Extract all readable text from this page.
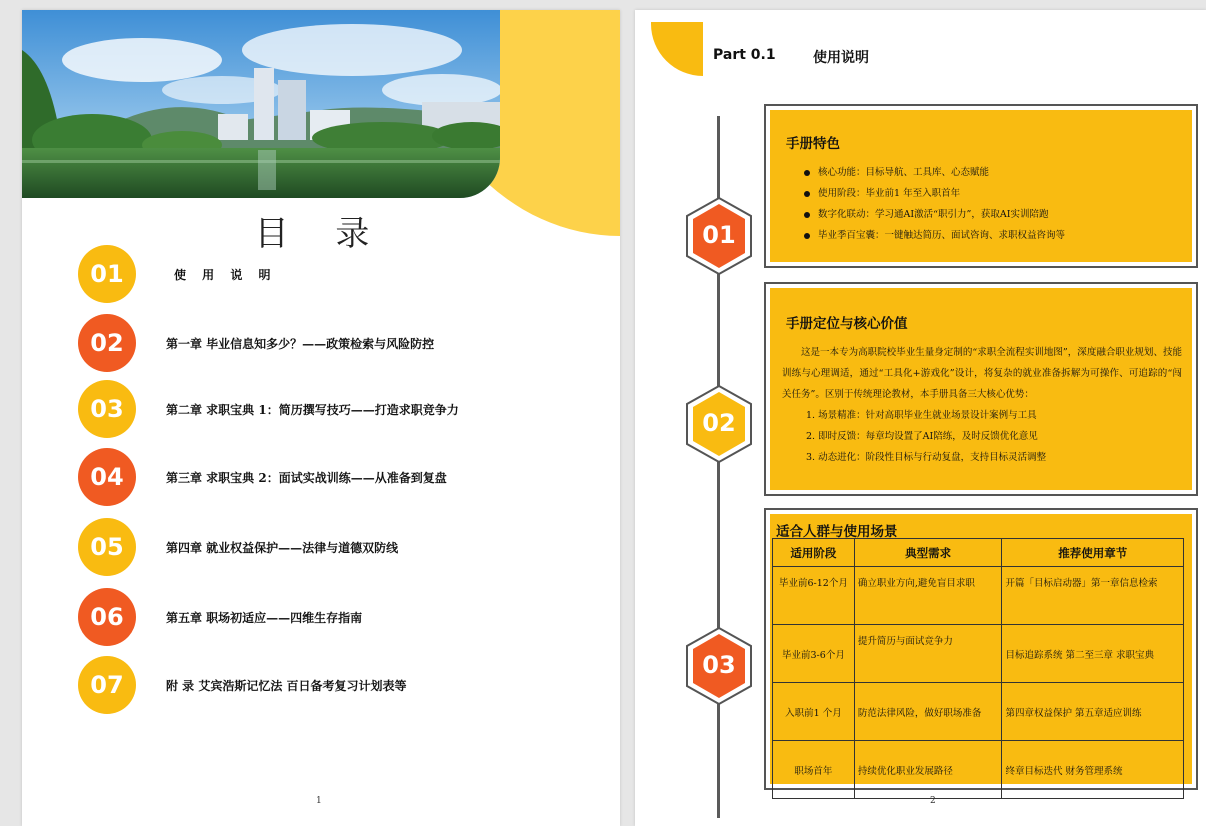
目 录
01	使 用 说 明
02	第一章 毕业信息知多少？——政策检索与风险防控
03	第二章 求职宝典 1：简历撰写技巧——打造求职竞争力
04	第三章 求职宝典 2：面试实战训练——从准备到复盘
05	第四章 就业权益保护——法律与道德双防线
06	第五章 职场初适应——四维生存指南
07	附 录 艾宾浩斯记忆法 百日备考复习计划表等
1
Part 0.1	使用说明
01
02
03
手册特色
核心功能：目标导航、工具库、心态赋能
使用阶段：毕业前1 年至入职首年
数字化联动：学习通AI激活“职引力”，获取AI实训陪跑
毕业季百宝囊：一键触达简历、面试咨询、求职权益咨询等
手册定位与核心价值
这是一本专为高职院校毕业生量身定制的“求职全流程实训地图”，深度融合职业规划、技能训练与心理调适，通过“工具化+游戏化”设计，将复杂的就业准备拆解为可操作、可追踪的“闯关任务”。区别于传统理论教材，本手册具备三大核心优势：
1. 场景精准：针对高职毕业生就业场景设计案例与工具
2. 即时反馈：每章均设置了AI陪练，及时反馈优化意见
3. 动态进化：阶段性目标与行动复盘，支持目标灵活调整
适合人群与使用场景
适用阶段	典型需求	推荐使用章节
毕业前6-12个月	确立职业方向,避免盲目求职	开篇「目标启动器」第一章信息检索
毕业前3-6个月	提升简历与面试竞争力	目标追踪系统 第二至三章 求职宝典
入职前1 个月	防范法律风险，做好职场准备	第四章权益保护 第五章适应训练
职场首年	持续优化职业发展路径	终章目标迭代 财务管理系统
2
